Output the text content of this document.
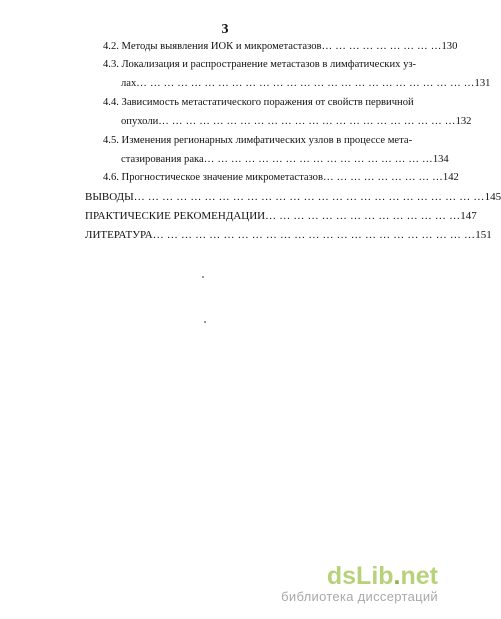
3
4.2. Методы выявления ИОК и микрометастазов… … … … … … … … …130
4.3. Локализация и распространение метастазов в лимфатических уз-
лах… … … … … … … … … … … … … … … … … … … … … … … … …131
4.4. Зависимость метастатического поражения от свойств первичной
опухоли… … … … … … … … … … … … … … … … … … … … … …132
4.5. Изменения регионарных лимфатических узлов в процессе мета-
стазирования рака… … … … … … … … … … … … … … … … …134
4.6. Прогностическое значение микрометастазов… … … … … … … … …142
ВЫВОДЫ… … … … … … … … … … … … … … … … … … … … … … … … …145
ПРАКТИЧЕСКИЕ РЕКОМЕНДАЦИИ… … … … … … … … … … … … … …147
ЛИТЕРАТУРА… … … … … … … … … … … … … … … … … … … … … … …151
dsLib.net
библиотека диссертаций
